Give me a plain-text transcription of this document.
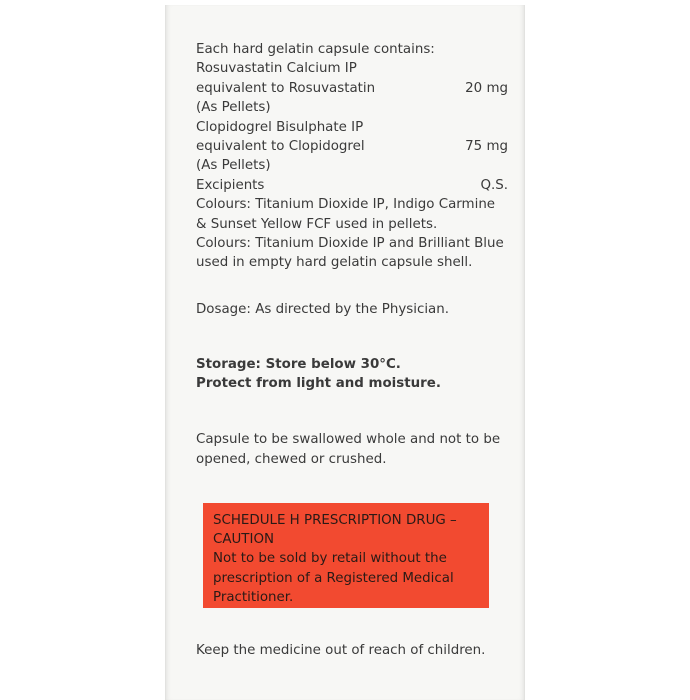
Each hard gelatin capsule contains:
Rosuvastatin Calcium IP
equivalent to Rosuvastatin	20 mg
(As Pellets)
Clopidogrel Bisulphate IP
equivalent to Clopidogrel	75 mg
(As Pellets)
Excipients	Q.S.
Colours: Titanium Dioxide IP, Indigo Carmine
& Sunset Yellow FCF used in pellets.
Colours: Titanium Dioxide IP and Brilliant Blue
used in empty hard gelatin capsule shell.
Dosage: As directed by the Physician.
Storage: Store below 30°C.
Protect from light and moisture.
Capsule to be swallowed whole and not to be
opened, chewed or crushed.
SCHEDULE H PRESCRIPTION DRUG –
CAUTION
Not to be sold by retail without the
prescription of a Registered Medical
Practitioner.
Keep the medicine out of reach of children.
